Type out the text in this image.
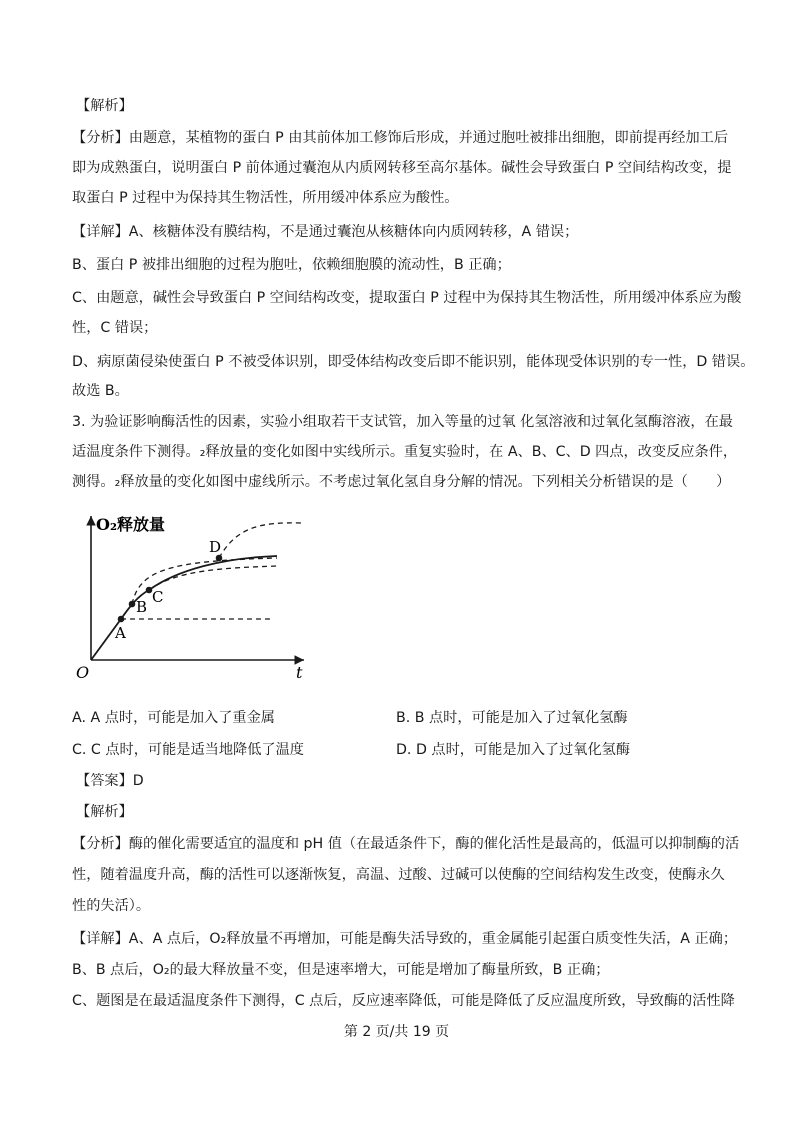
【解析】
【分析】由题意，某植物的蛋白 P 由其前体加工修饰后形成，并通过胞吐被排出细胞，即前提再经加工后
即为成熟蛋白，说明蛋白 P 前体通过囊泡从内质网转移至高尔基体。碱性会导致蛋白 P 空间结构改变，提
取蛋白 P 过程中为保持其生物活性，所用缓冲体系应为酸性。
【详解】A、核糖体没有膜结构，不是通过囊泡从核糖体向内质网转移，A 错误；
B、蛋白 P 被排出细胞的过程为胞吐，依赖细胞膜的流动性，B 正确；
C、由题意，碱性会导致蛋白 P 空间结构改变，提取蛋白 P 过程中为保持其生物活性，所用缓冲体系应为酸
性，C 错误；
D、病原菌侵染使蛋白 P 不被受体识别，即受体结构改变后即不能识别，能体现受体识别的专一性，D 错误。
故选 B。
3. 为验证影响酶活性的因素，实验小组取若干支试管，加入等量的过氧 化氢溶液和过氧化氢酶溶液，在最
适温度条件下测得。₂释放量的变化如图中实线所示。重复实验时，在 A、B、C、D 四点，改变反应条件，
测得。₂释放量的变化如图中虚线所示。不考虑过氧化氢自身分解的情况。下列相关分析错误的是（　　）
O₂释放量
t
O
A
B
C
D
A. A 点时，可能是加入了重金属	B. B 点时，可能是加入了过氧化氢酶
C. C 点时，可能是适当地降低了温度	D. D 点时，可能是加入了过氧化氢酶
【答案】D
【解析】
【分析】酶的催化需要适宜的温度和 pH 值（在最适条件下，酶的催化活性是最高的，低温可以抑制酶的活
性，随着温度升高，酶的活性可以逐渐恢复，高温、过酸、过碱可以使酶的空间结构发生改变，使酶永久
性的失活）。
【详解】A、A 点后，O₂释放量不再增加，可能是酶失活导致的，重金属能引起蛋白质变性失活，A 正确；
B、B 点后，O₂的最大释放量不变，但是速率增大，可能是增加了酶量所致，B 正确；
C、题图是在最适温度条件下测得，C 点后，反应速率降低，可能是降低了反应温度所致，导致酶的活性降
第 2 页/共 19 页
